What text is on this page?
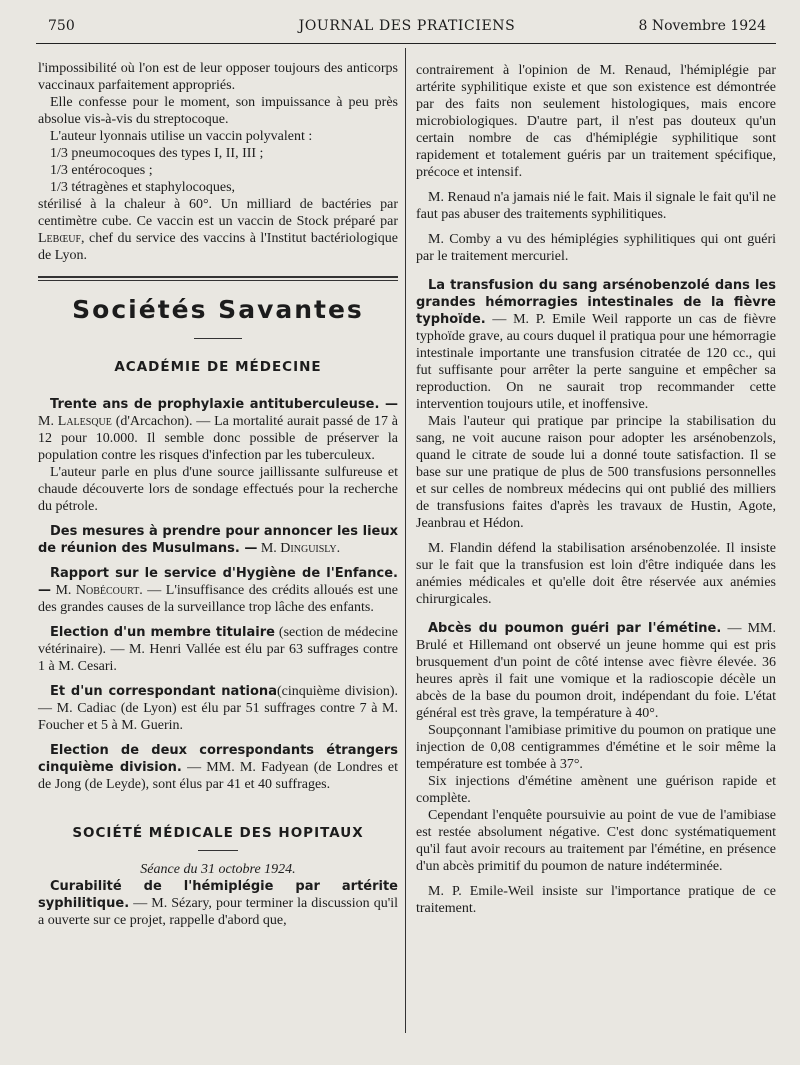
750	JOURNAL DES PRATICIENS	8 Novembre 1924

l'impossibilité où l'on est de leur opposer toujours des anticorps vaccinaux parfaitement appropriés.

Elle confesse pour le moment, son impuissance à peu près absolue vis-à-vis du streptocoque.

L'auteur lyonnais utilise un vaccin polyvalent :

1/3 pneumocoques des types I, II, III ;

1/3 entérocoques ;

1/3 tétragènes et staphylocoques,

stérilisé à la chaleur à 60°. Un milliard de bactéries par centimètre cube. Ce vaccin est un vaccin de Stock préparé par Lebœuf, chef du service des vaccins à l'Institut bactériologique de Lyon.

Sociétés Savantes
ACADÉMIE DE MÉDECINE

Trente ans de prophylaxie antituberculeuse. — M. Lalesque (d'Arcachon). — La mortalité aurait passé de 17 à 12 pour 10.000. Il semble donc possible de préserver la population contre les risques d'infection par les tuberculeux.

L'auteur parle en plus d'une source jaillissante sulfureuse et chaude découverte lors de sondage effectués pour la recherche du pétrole.

Des mesures à prendre pour annoncer les lieux de réunion des Musulmans. — M. Dinguisly.

Rapport sur le service d'Hygiène de l'Enfance. — M. Nobécourt. — L'insuffisance des crédits alloués est une des grandes causes de la surveillance trop lâche des enfants.

Election d'un membre titulaire (section de médecine vétérinaire). — M. Henri Vallée est élu par 63 suffrages contre 1 à M. Cesari.

Et d'un correspondant nationa(cinquième division). — M. Cadiac (de Lyon) est élu par 51 suffrages contre 7 à M. Foucher et 5 à M. Guerin.

Election de deux correspondants étrangers cinquième division. — MM. M. Fadyean (de Londres et de Jong (de Leyde), sont élus par 41 et 40 suffrages.

SOCIÉTÉ MÉDICALE DES HOPITAUX

Séance du 31 octobre 1924.

Curabilité de l'hémiplégie par artérite syphilitique. — M. Sézary, pour terminer la discussion qu'il a ouverte sur ce projet, rappelle d'abord que,

contrairement à l'opinion de M. Renaud, l'hémiplégie par artérite syphilitique existe et que son existence est démontrée par des faits non seulement histologiques, mais encore microbiologiques. D'autre part, il n'est pas douteux qu'un certain nombre de cas d'hémiplégie syphilitique sont rapidement et totalement guéris par un traitement spécifique, précoce et intensif.

M. Renaud n'a jamais nié le fait. Mais il signale le fait qu'il ne faut pas abuser des traitements syphilitiques.

M. Comby a vu des hémiplégies syphilitiques qui ont guéri par le traitement mercuriel.

La transfusion du sang arsénobenzolé dans les grandes hémorragies intestinales de la fièvre typhoïde. — M. P. Emile Weil rapporte un cas de fièvre typhoïde grave, au cours duquel il pratiqua pour une hémorragie intestinale importante une transfusion citratée de 120 cc., qui fut suffisante pour arrêter la perte sanguine et empêcher sa reproduction. On ne saurait trop recommander cette intervention toujours utile, et inoffensive.

Mais l'auteur qui pratique par principe la stabilisation du sang, ne voit aucune raison pour adopter les arsénobenzols, quand le citrate de soude lui a donné toute satisfaction. Il se base sur une pratique de plus de 500 transfusions personnelles et sur celles de nombreux médecins qui ont publié des milliers de transfusions faites d'après les travaux de Hustin, Agote, Jeanbrau et Hédon.

M. Flandin défend la stabilisation arsénobenzolée. Il insiste sur le fait que la transfusion est loin d'être indiquée dans les anémies médicales et qu'elle doit être réservée aux anémies chirurgicales.

Abcès du poumon guéri par l'émétine. — MM. Brulé et Hillemand ont observé un jeune homme qui est pris brusquement d'un point de côté intense avec fièvre élevée. 36 heures après il fait une vomique et la radioscopie décèle un abcès de la base du poumon droit, indépendant du foie. L'état général est très grave, la température à 40°.

Soupçonnant l'amibiase primitive du poumon on pratique une injection de 0,08 centigrammes d'émétine et le soir même la température est tombée à 37°.

Six injections d'émétine amènent une guérison rapide et complète.

Cependant l'enquête poursuivie au point de vue de l'amibiase est restée absolument négative. C'est donc systématiquement qu'il faut avoir recours au traitement par l'émétine, en présence d'un abcès primitif du poumon de nature indéterminée.

M. P. Emile-Weil insiste sur l'importance pratique de ce traitement.
